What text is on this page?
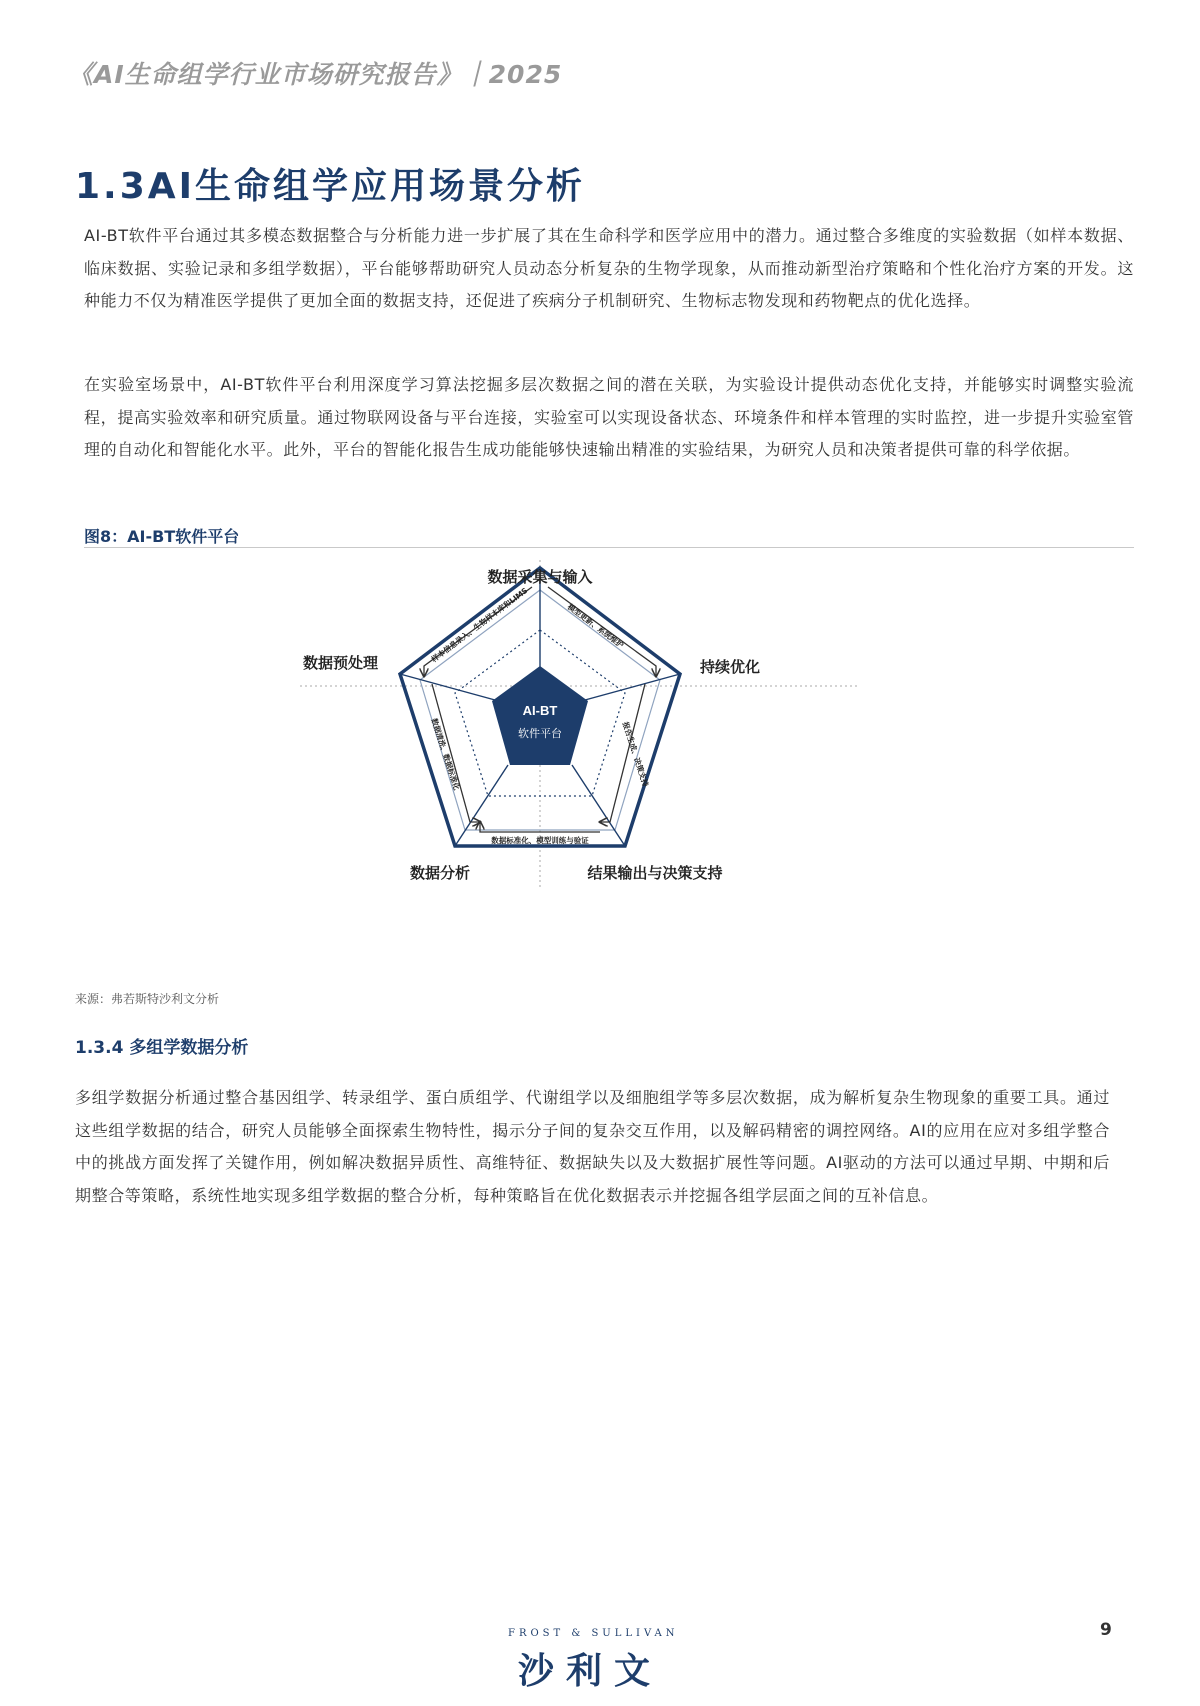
《AI生命组学行业市场研究报告》｜2025
1.3AI生命组学应用场景分析
AI-BT软件平台通过其多模态数据整合与分析能力进一步扩展了其在生命科学和医学应用中的潜力。通过整合多维度的实验数据（如样本数据、临床数据、实验记录和多组学数据），平台能够帮助研究人员动态分析复杂的生物学现象，从而推动新型治疗策略和个性化治疗方案的开发。这种能力不仅为精准医学提供了更加全面的数据支持，还促进了疾病分子机制研究、生物标志物发现和药物靶点的优化选择。
在实验室场景中，AI-BT软件平台利用深度学习算法挖掘多层次数据之间的潜在关联，为实验设计提供动态优化支持，并能够实时调整实验流程，提高实验效率和研究质量。通过物联网设备与平台连接，实验室可以实现设备状态、环境条件和样本管理的实时监控，进一步提升实验室管理的自动化和智能化水平。此外，平台的智能化报告生成功能能够快速输出精准的实验结果，为研究人员和决策者提供可靠的科学依据。
图8：AI-BT软件平台
AI-BT
软件平台
数据采集与输入
持续优化
结果输出与决策支持
数据分析
数据预处理	样本信息录入、生物样本库和LIMS	模型更新、系统维护
报告生成、决策支持
数据标准化、模型训练与验证
数据清洗、数据标准化
来源：弗若斯特沙利文分析
1.3.4 多组学数据分析
多组学数据分析通过整合基因组学、转录组学、蛋白质组学、代谢组学以及细胞组学等多层次数据，成为解析复杂生物现象的重要工具。通过这些组学数据的结合，研究人员能够全面探索生物特性，揭示分子间的复杂交互作用，以及解码精密的调控网络。AI的应用在应对多组学整合中的挑战方面发挥了关键作用，例如解决数据异质性、高维特征、数据缺失以及大数据扩展性等问题。AI驱动的方法可以通过早期、中期和后期整合等策略，系统性地实现多组学数据的整合分析，每种策略旨在优化数据表示并挖掘各组学层面之间的互补信息。
FROST & SULLIVAN
沙利文
9
